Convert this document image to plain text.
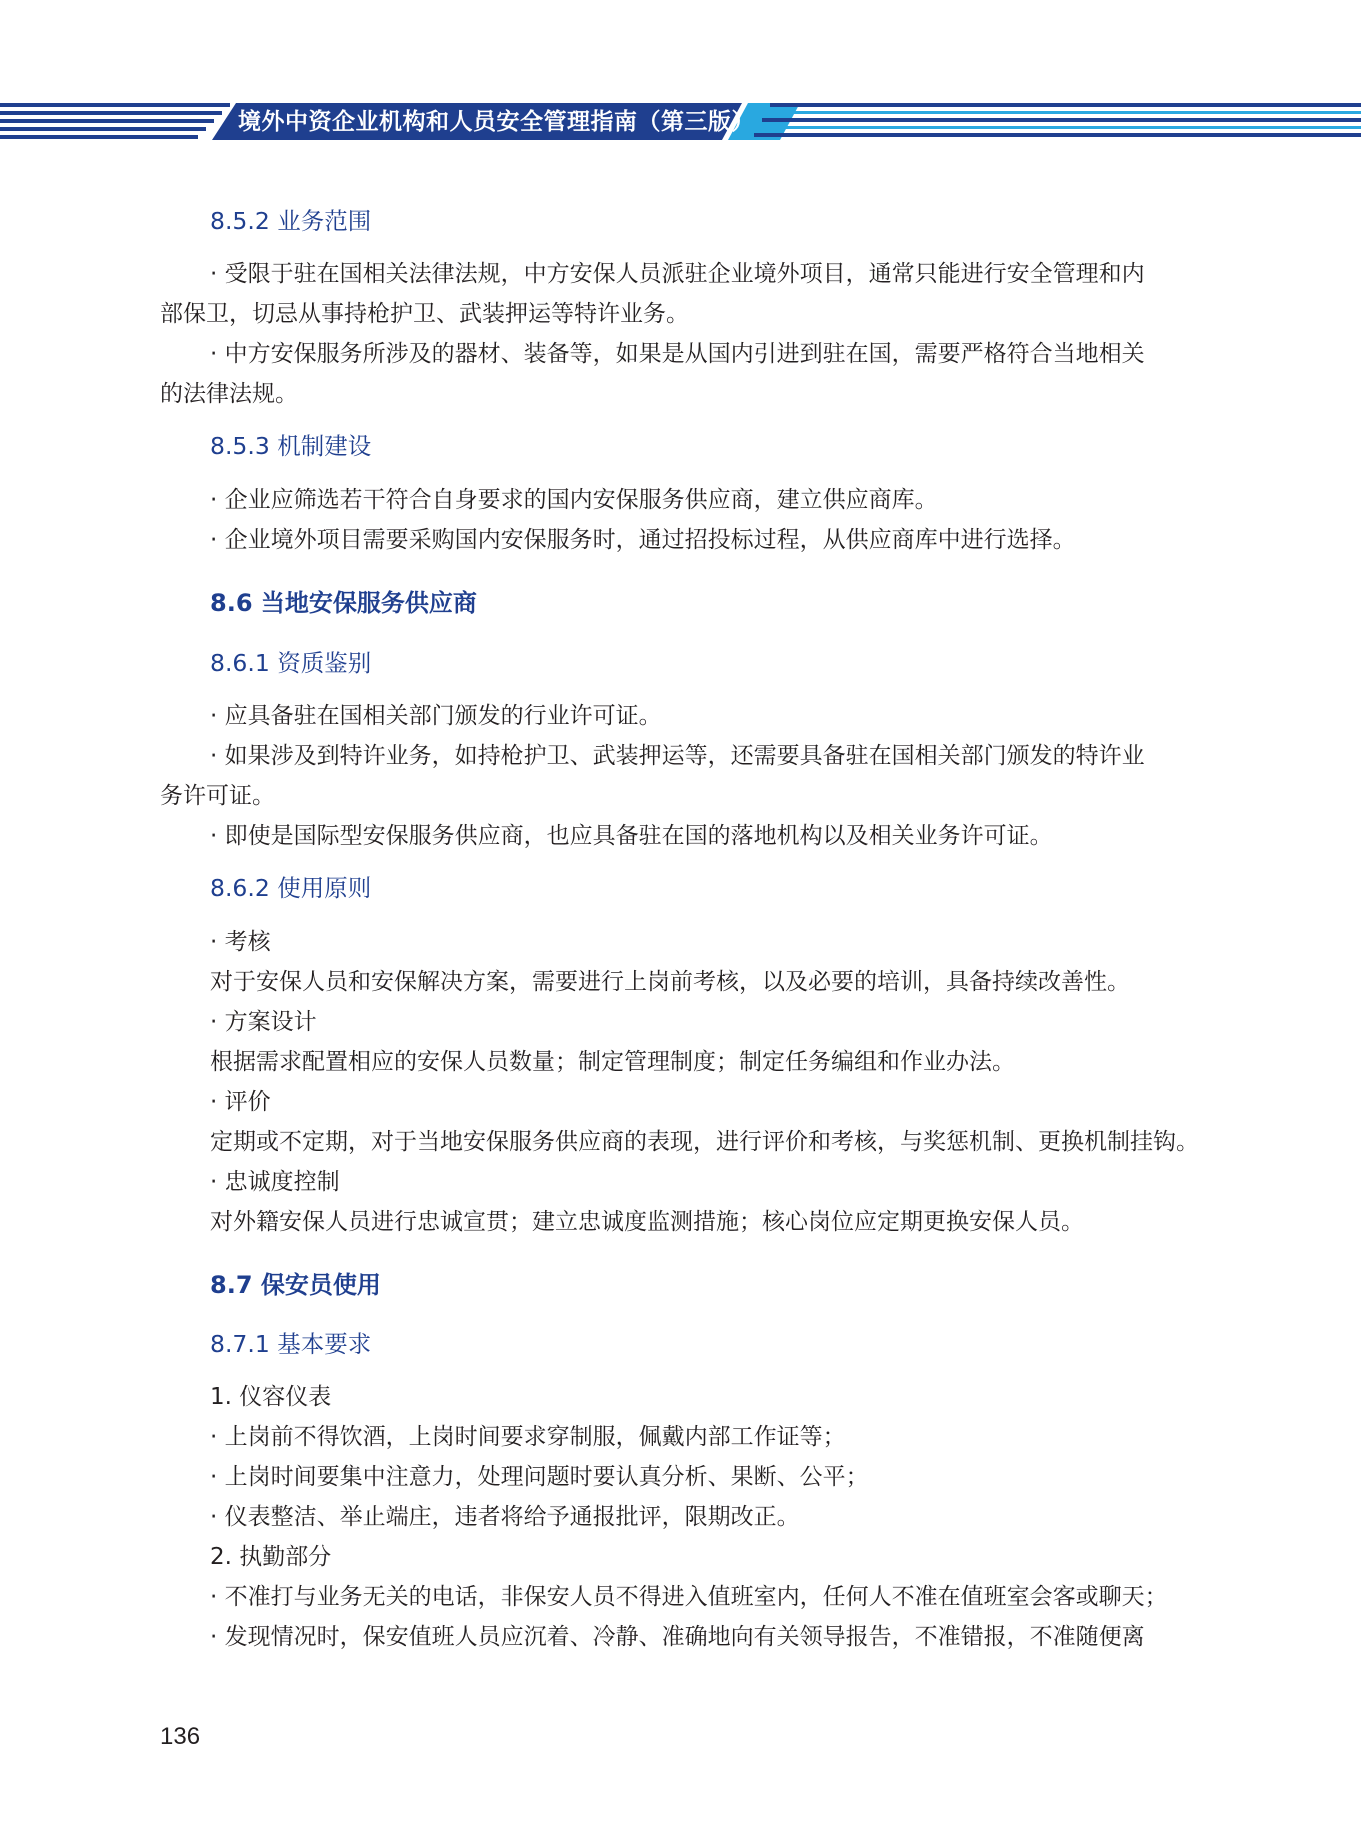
境外中资企业机构和人员安全管理指南（第三版）
8.5.2 业务范围
· 受限于驻在国相关法律法规，中方安保人员派驻企业境外项目，通常只能进行安全管理和内
部保卫，切忌从事持枪护卫、武装押运等特许业务。
· 中方安保服务所涉及的器材、装备等，如果是从国内引进到驻在国，需要严格符合当地相关
的法律法规。
8.5.3 机制建设
· 企业应筛选若干符合自身要求的国内安保服务供应商，建立供应商库。
· 企业境外项目需要采购国内安保服务时，通过招投标过程，从供应商库中进行选择。
8.6 当地安保服务供应商
8.6.1 资质鉴别
· 应具备驻在国相关部门颁发的行业许可证。
· 如果涉及到特许业务，如持枪护卫、武装押运等，还需要具备驻在国相关部门颁发的特许业
务许可证。
· 即使是国际型安保服务供应商，也应具备驻在国的落地机构以及相关业务许可证。
8.6.2 使用原则
· 考核
对于安保人员和安保解决方案，需要进行上岗前考核，以及必要的培训，具备持续改善性。
· 方案设计
根据需求配置相应的安保人员数量；制定管理制度；制定任务编组和作业办法。
· 评价
定期或不定期，对于当地安保服务供应商的表现，进行评价和考核，与奖惩机制、更换机制挂钩。
· 忠诚度控制
对外籍安保人员进行忠诚宣贯；建立忠诚度监测措施；核心岗位应定期更换安保人员。
8.7 保安员使用
8.7.1 基本要求
1. 仪容仪表
· 上岗前不得饮酒，上岗时间要求穿制服，佩戴内部工作证等；
· 上岗时间要集中注意力，处理问题时要认真分析、果断、公平；
· 仪表整洁、举止端庄，违者将给予通报批评，限期改正。
2. 执勤部分
· 不准打与业务无关的电话，非保安人员不得进入值班室内，任何人不准在值班室会客或聊天；
· 发现情况时，保安值班人员应沉着、冷静、准确地向有关领导报告，不准错报，不准随便离
136
